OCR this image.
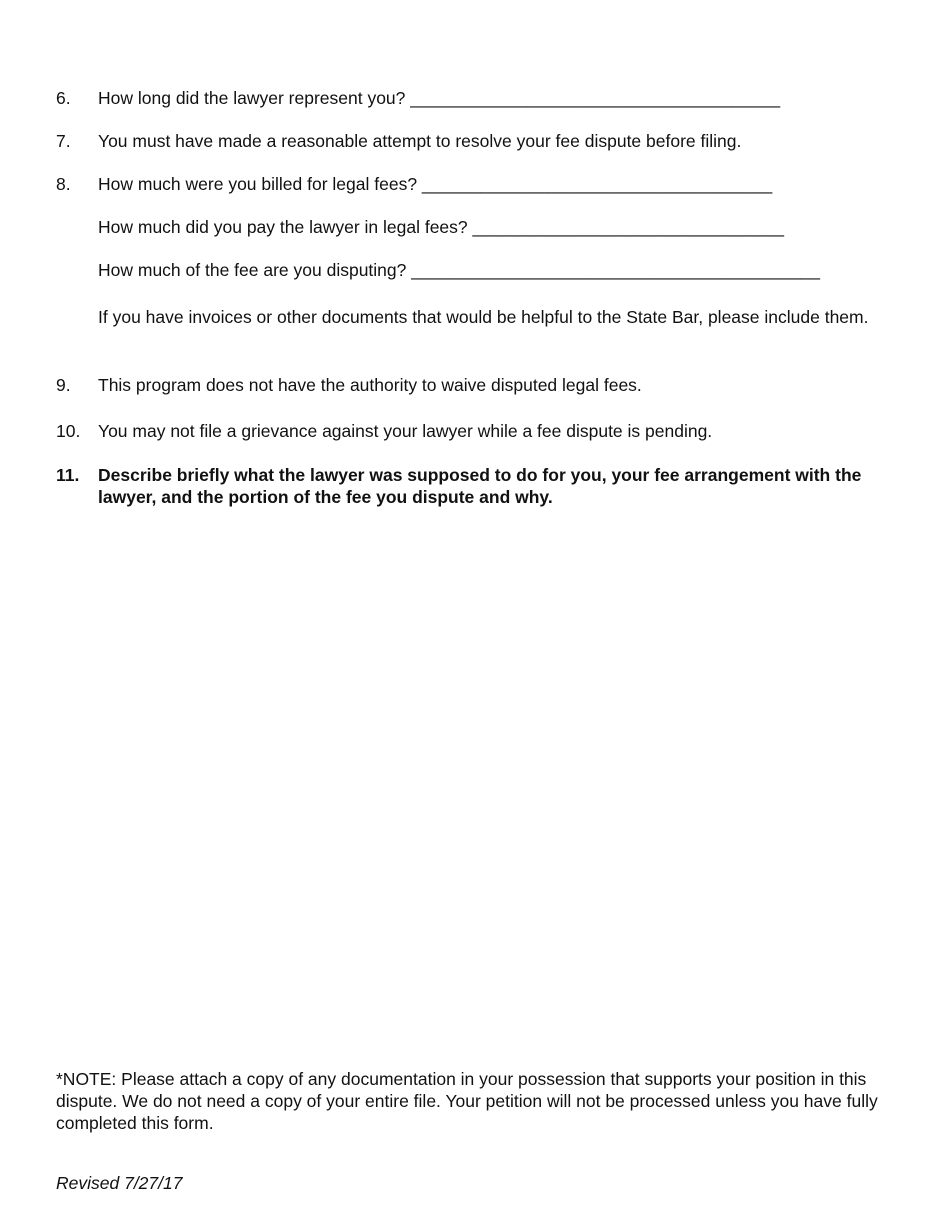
6. How long did the lawyer represent you? ______________________________________
7. You must have made a reasonable attempt to resolve your fee dispute before filing.
8. How much were you billed for legal fees? ____________________________________
How much did you pay the lawyer in legal fees? ________________________________
How much of the fee are you disputing? __________________________________________
If you have invoices or other documents that would be helpful to the State Bar, please include them.
9. This program does not have the authority to waive disputed legal fees.
10. You may not file a grievance against your lawyer while a fee dispute is pending.
11. Describe briefly what the lawyer was supposed to do for you, your fee arrangement with the lawyer, and the portion of the fee you dispute and why.
*NOTE: Please attach a copy of any documentation in your possession that supports your position in this dispute. We do not need a copy of your entire file. Your petition will not be processed unless you have fully completed this form.
Revised 7/27/17
